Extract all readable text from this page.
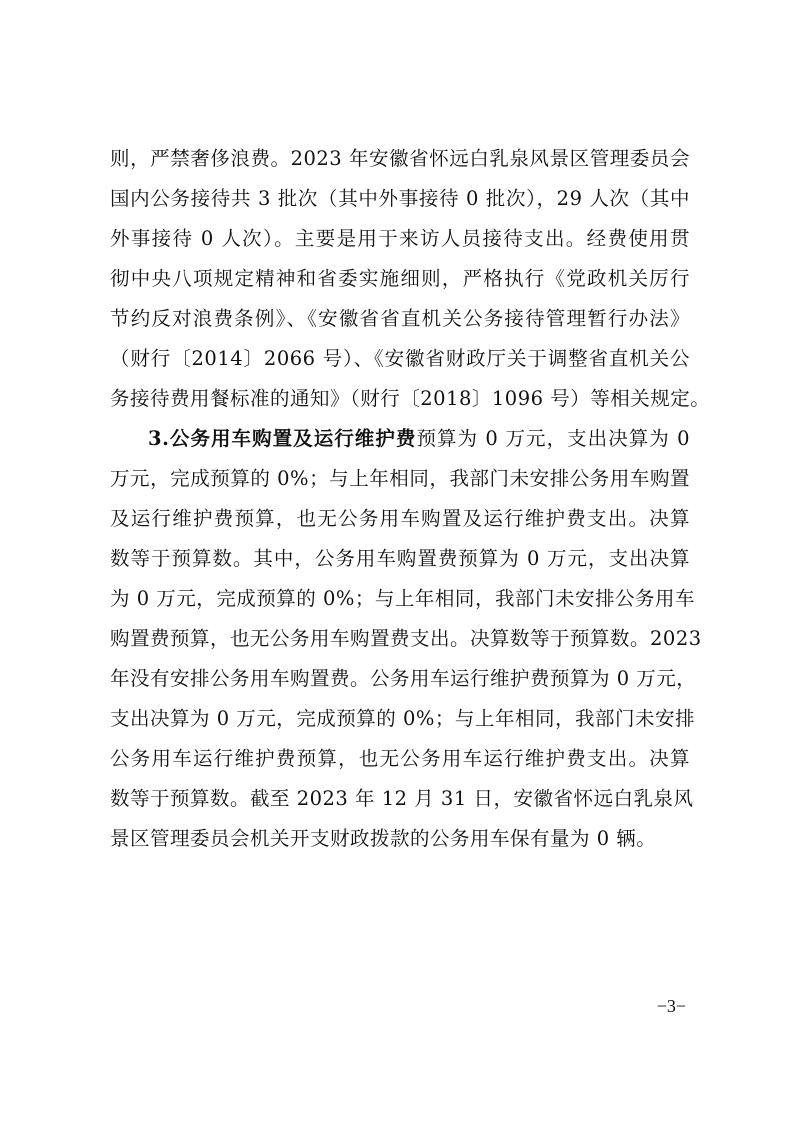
则，严禁奢侈浪费。2023 年安徽省怀远白乳泉风景区管理委员会
国内公务接待共 3 批次（其中外事接待 0 批次），29 人次（其中
外事接待 0 人次）。主要是用于来访人员接待支出。经费使用贯
彻中央八项规定精神和省委实施细则，严格执行《党政机关厉行
节约反对浪费条例》、《安徽省省直机关公务接待管理暂行办法》
（财行〔2014〕2066 号）、《安徽省财政厅关于调整省直机关公
务接待费用餐标准的通知》（财行〔2018〕1096 号）等相关规定。
3.公务用车购置及运行维护费预算为 0 万元，支出决算为 0
万元，完成预算的 0%；与上年相同，我部门未安排公务用车购置
及运行维护费预算，也无公务用车购置及运行维护费支出。决算
数等于预算数。其中，公务用车购置费预算为 0 万元，支出决算
为 0 万元，完成预算的 0%；与上年相同，我部门未安排公务用车
购置费预算，也无公务用车购置费支出。决算数等于预算数。2023
年没有安排公务用车购置费。公务用车运行维护费预算为 0 万元，
支出决算为 0 万元，完成预算的 0%；与上年相同，我部门未安排
公务用车运行维护费预算，也无公务用车运行维护费支出。决算
数等于预算数。截至 2023 年 12 月 31 日，安徽省怀远白乳泉风
景区管理委员会机关开支财政拨款的公务用车保有量为 0 辆。
−3−
